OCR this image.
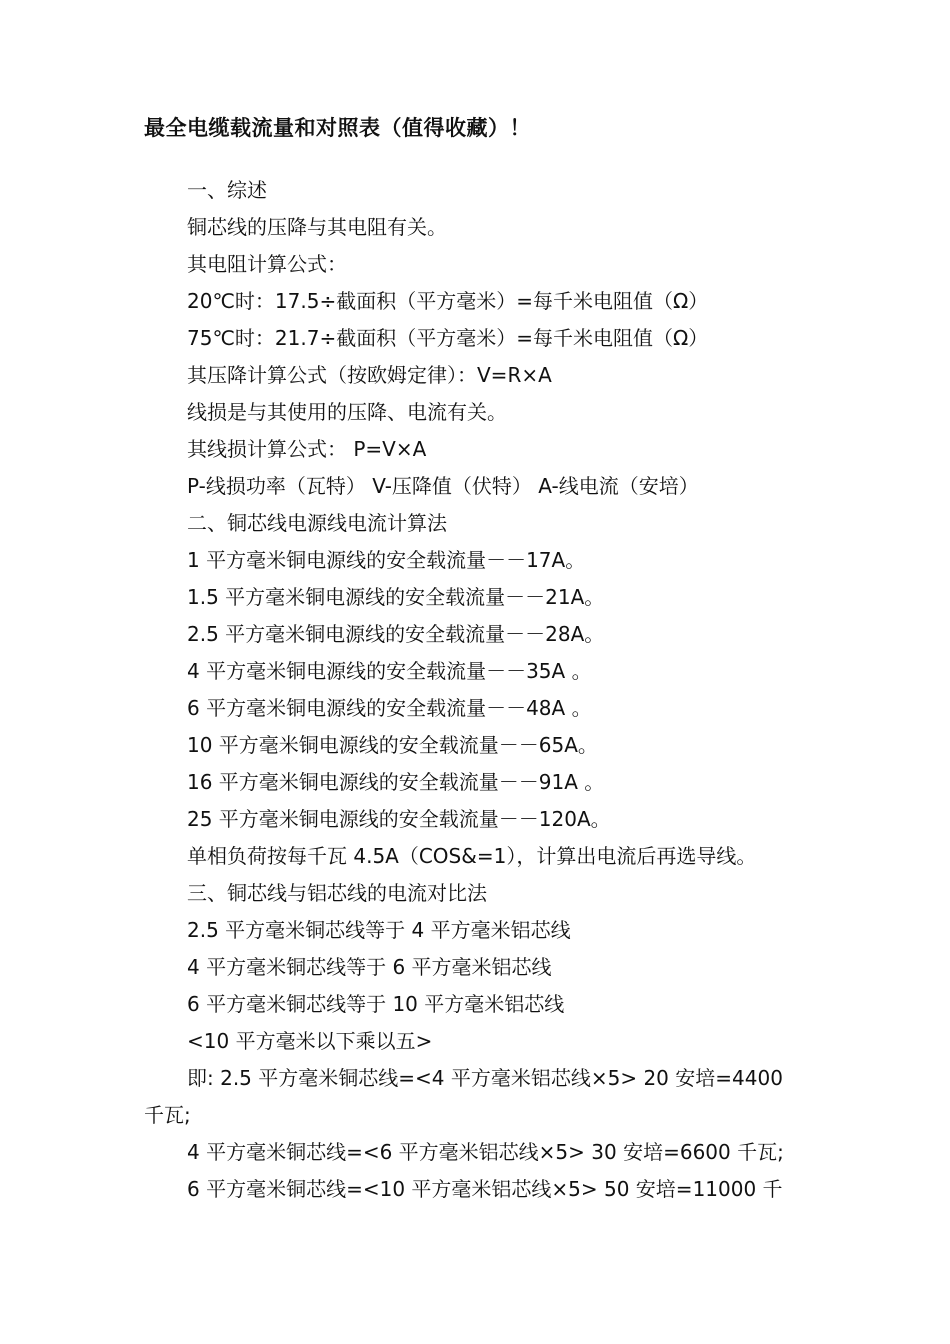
最全电缆载流量和对照表（值得收藏）！
一、综述
铜芯线的压降与其电阻有关。
其电阻计算公式：
20℃时：17.5÷截面积（平方毫米）=每千米电阻值（Ω）
75℃时：21.7÷截面积（平方毫米）=每千米电阻值（Ω）
其压降计算公式（按欧姆定律）：V=R×A
线损是与其使用的压降、电流有关。
其线损计算公式： P=V×A
P-线损功率（瓦特） V-压降值（伏特） A-线电流（安培）
二、铜芯线电源线电流计算法
1 平方毫米铜电源线的安全载流量－－17A。
1.5 平方毫米铜电源线的安全载流量－－21A。
2.5 平方毫米铜电源线的安全载流量－－28A。
4 平方毫米铜电源线的安全载流量－－35A 。
6 平方毫米铜电源线的安全载流量－－48A 。
10 平方毫米铜电源线的安全载流量－－65A。
16 平方毫米铜电源线的安全载流量－－91A 。
25 平方毫米铜电源线的安全载流量－－120A。
单相负荷按每千瓦 4.5A（COS&=1），计算出电流后再选导线。
三、铜芯线与铝芯线的电流对比法
2.5 平方毫米铜芯线等于 4 平方毫米铝芯线
4 平方毫米铜芯线等于 6 平方毫米铝芯线
6 平方毫米铜芯线等于 10 平方毫米铝芯线
<10 平方毫米以下乘以五>
即: 2.5 平方毫米铜芯线=<4 平方毫米铝芯线×5> 20 安培=4400
千瓦;
4 平方毫米铜芯线=<6 平方毫米铝芯线×5> 30 安培=6600 千瓦;
6 平方毫米铜芯线=<10 平方毫米铝芯线×5> 50 安培=11000 千
